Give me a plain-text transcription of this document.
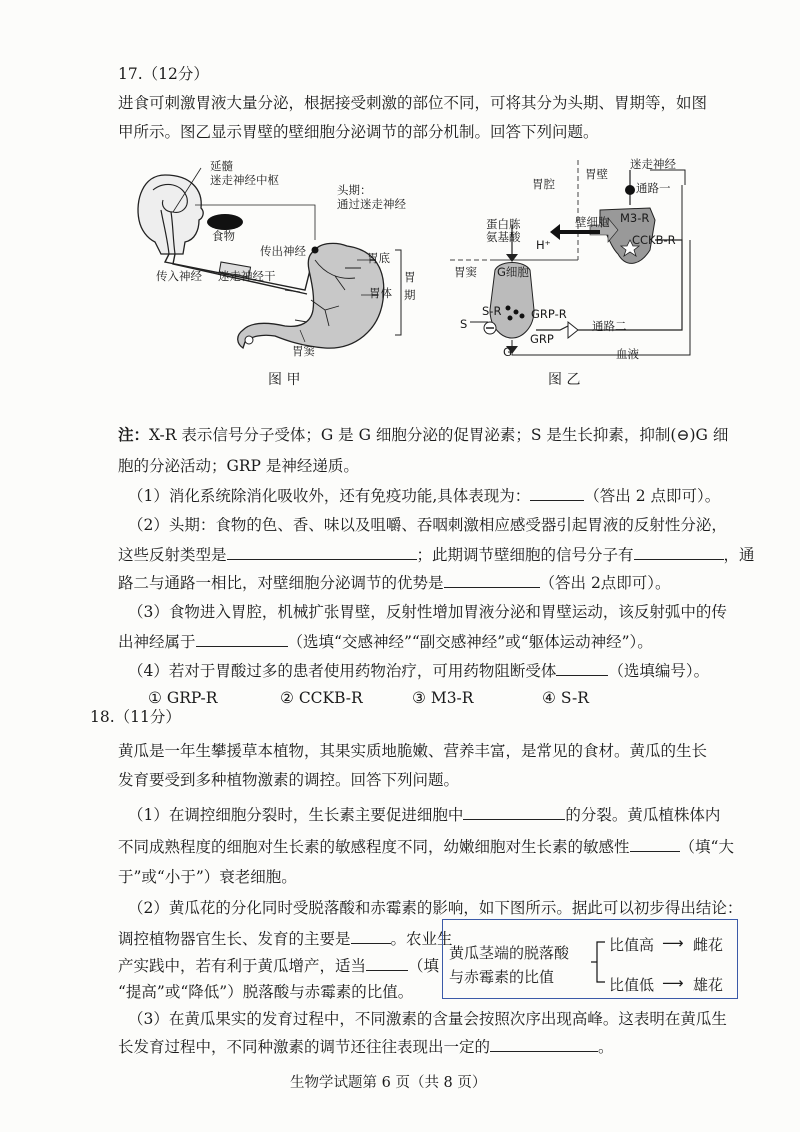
17.（12分）
进食可刺激胃液大量分泌，根据接受刺激的部位不同，可将其分为头期、胃期等，如图
甲所示。图乙显示胃壁的壁细胞分泌调节的部分机制。回答下列问题。
延髓
迷走神经中枢
头期：
通过迷走神经
食物
传出神经
传入神经 迷走神经干
胃底
胃体
胃窦
胃期
图 甲
迷走神经
胃腔
胃壁
通路一
蛋白胨
氨基酸
壁细胞 M3-R
H⁺	CCKB-R
胃窦 G细胞
S-R	GRP-R
S
GRP
G
通路二
血液
图 乙
注：X-R 表示信号分子受体；G 是 G 细胞分泌的促胃泌素；S 是生长抑素，抑制(⊖)G 细
胞的分泌活动；GRP 是神经递质。
（1）消化系统除消化吸收外，还有免疫功能,具体表现为：	（答出 2 点即可）。
（2）头期：食物的色、香、味以及咀嚼、吞咽刺激相应感受器引起胃液的反射性分泌，
这些反射类型是	；此期调节壁细胞的信号分子有	，通
路二与通路一相比，对壁细胞分泌调节的优势是	（答出 2点即可）。
（3）食物进入胃腔，机械扩张胃壁，反射性增加胃液分泌和胃壁运动，该反射弧中的传
出神经属于	（选填“交感神经”“副交感神经”或“躯体运动神经”）。
（4）若对于胃酸过多的患者使用药物治疗，可用药物阻断受体	（选填编号）。
① GRP-R	② CCKB-R	③ M3-R	④ S-R
18.（11分）
黄瓜是一年生攀援草本植物，其果实质地脆嫩、营养丰富，是常见的食材。黄瓜的生长
发育要受到多种植物激素的调控。回答下列问题。
（1）在调控细胞分裂时，生长素主要促进细胞中	的分裂。黄瓜植株体内
不同成熟程度的细胞对生长素的敏感程度不同，幼嫩细胞对生长素的敏感性	（填“大
于”或“小于”）衰老细胞。
（2）黄瓜花的分化同时受脱落酸和赤霉素的影响，如下图所示。据此可以初步得出结论：
调控植物器官生长、发育的主要是	。农业生
产实践中，若有利于黄瓜增产，适当	（填
“提高”或“降低”）脱落酸与赤霉素的比值。
黄瓜茎端的脱落酸
与赤霉素的比值
比值高 ⟶ 雌花
比值低 ⟶ 雄花
（3）在黄瓜果实的发育过程中，不同激素的含量会按照次序出现高峰。这表明在黄瓜生
长发育过程中，不同种激素的调节还往往表现出一定的	。
生物学试题第 6 页（共 8 页）
